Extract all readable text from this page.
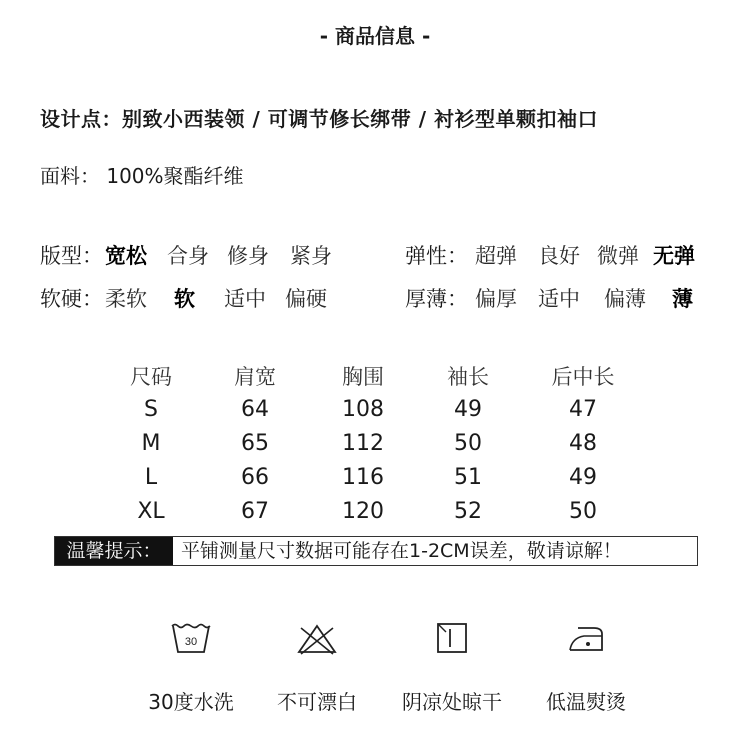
- 商品信息 -
设计点：别致小西装领 / 可调节修长绑带 / 衬衫型单颗扣袖口
面料： 100%聚酯纤维
版型： 宽松 合身 修身 紧身	弹性： 超弹 良好 微弹 无弹
软硬： 柔软 软 适中 偏硬	厚薄： 偏厚 适中 偏薄 薄
尺码	肩宽	胸围	袖长	后中长
S	64	108	49	47
M	65	112	50	48
L	66	116	51	49
XL	67	120	52	50
温馨提示：	平铺测量尺寸数据可能存在1-2CM误差，敬请谅解！
30
30度水洗	不可漂白	阴凉处晾干	低温熨烫
